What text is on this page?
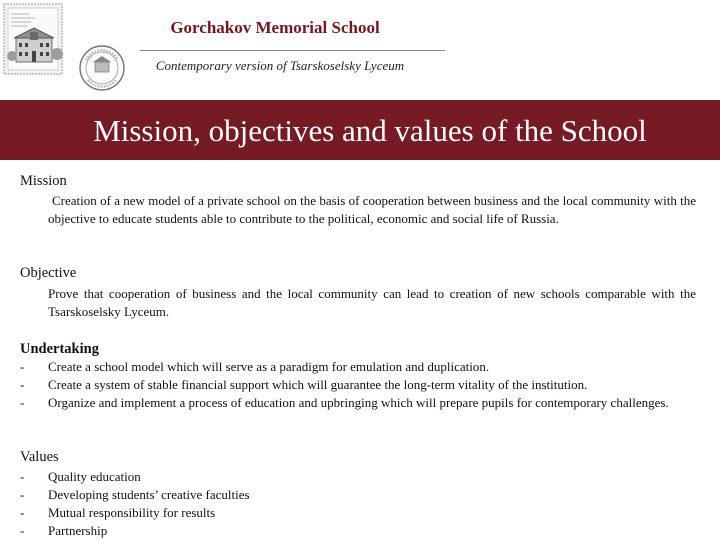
Gorchakov Memorial School
Contemporary version of Tsarskoselsky Lyceum
Mission, objectives and values of the School
Mission
Creation of a new model of a private school on the basis of cooperation between business and the local community with the objective to educate students able to contribute to the political, economic and social life of Russia.
Objective
Prove that cooperation of business and the local community can lead to creation of new schools comparable with the Tsarskoselsky Lyceum.
Undertaking
- Create a school model which will serve as a paradigm for emulation and duplication.
- Create a system of stable financial support which will guarantee the long-term vitality of the institution.
- Organize and implement a process of education and upbringing which will prepare pupils for contemporary challenges.
Values
- Quality education
- Developing students’ creative faculties
- Mutual responsibility for results
- Partnership
